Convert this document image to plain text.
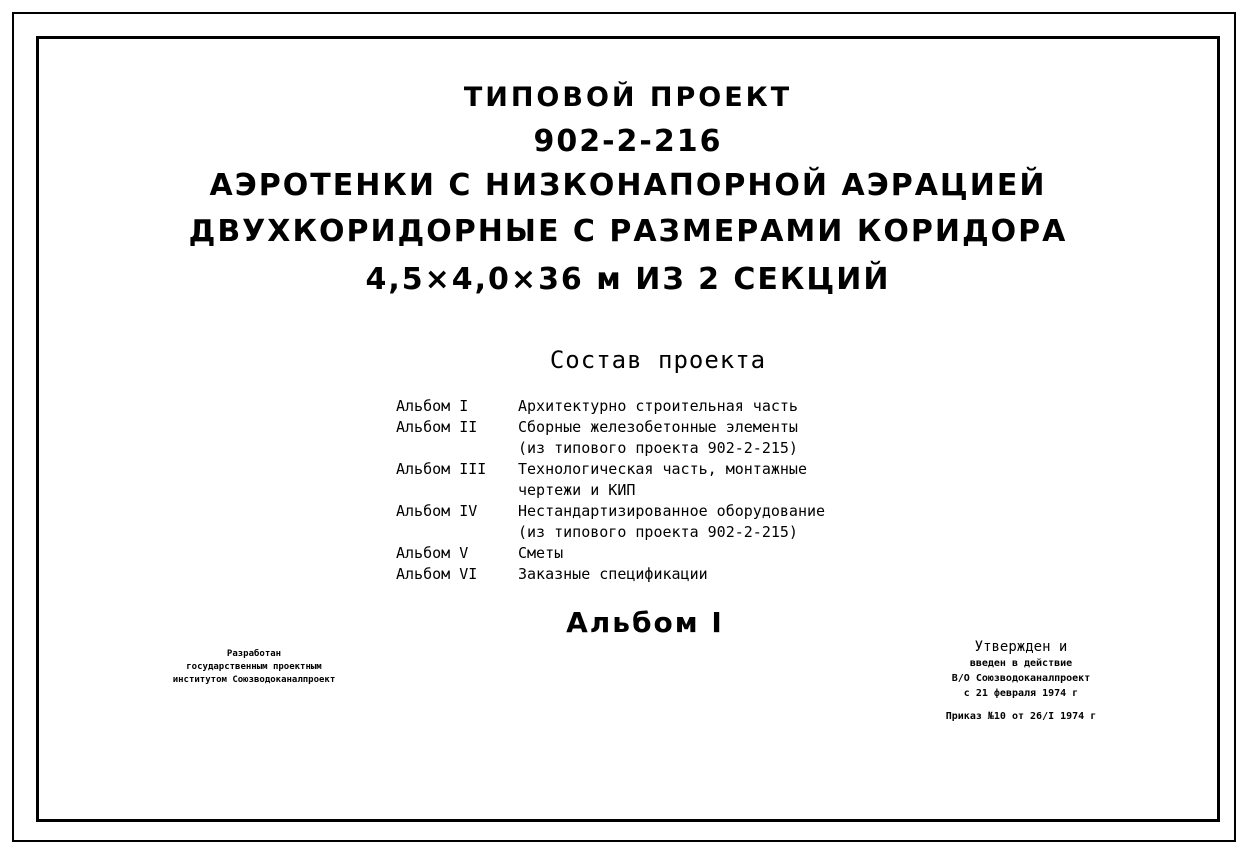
ТИПОВОЙ ПРОЕКТ
902-2-216
АЭРОТЕНКИ С НИЗКОНАПОРНОЙ АЭРАЦИЕЙ
ДВУХКОРИДОРНЫЕ С РАЗМЕРАМИ КОРИДОРА
4,5×4,0×36 м ИЗ 2 СЕКЦИЙ
Состав проекта
Альбом I	Архитектурно строительная часть
Альбом II	Сборные железобетонные элементы
(из типового проекта 902-2-215)
Альбом III	Технологическая часть, монтажные
чертежи и КИП
Альбом IV	Нестандартизированное оборудование
(из типового проекта 902-2-215)
Альбом V	Сметы
Альбом VI	Заказные спецификации
Альбом I
Разработан
государственным проектным
институтом Союзводоканалпроект
Утвержден и
введен в действие
В/О Союзводоканалпроект
с 21 февраля 1974 г
Приказ №10 от 26/I 1974 г
